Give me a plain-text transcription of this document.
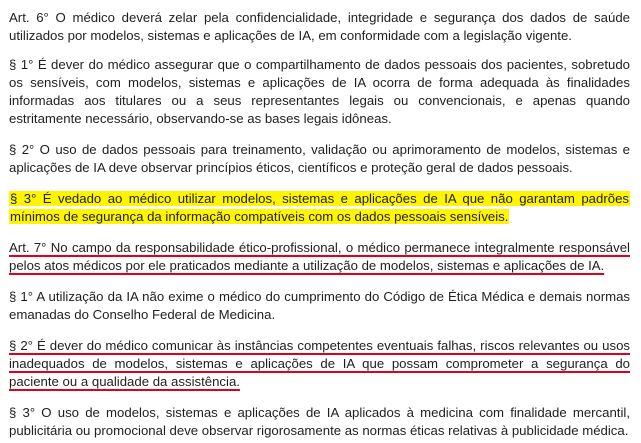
Art. 6° O médico deverá zelar pela confidencialidade, integridade e segurança dos dados de saúde utilizados por modelos, sistemas e aplicações de IA, em conformidade com a legislação vigente.

§ 1° É dever do médico assegurar que o compartilhamento de dados pessoais dos pacientes, sobretudo os sensíveis, com modelos, sistemas e aplicações de IA ocorra de forma adequada às finalidades informadas aos titulares ou a seus representantes legais ou convencionais, e apenas quando estritamente necessário, observando-se as bases legais idôneas.

§ 2° O uso de dados pessoais para treinamento, validação ou aprimoramento de modelos, sistemas e aplicações de IA deve observar princípios éticos, científicos e proteção geral de dados pessoais.

§ 3° É vedado ao médico utilizar modelos, sistemas e aplicações de IA que não garantam padrões mínimos de segurança da informação compatíveis com os dados pessoais sensíveis.

Art. 7° No campo da responsabilidade ético-profissional, o médico permanece integralmente responsável pelos atos médicos por ele praticados mediante a utilização de modelos, sistemas e aplicações de IA.

§ 1° A utilização da IA não exime o médico do cumprimento do Código de Ética Médica e demais normas emanadas do Conselho Federal de Medicina.

§ 2° É dever do médico comunicar às instâncias competentes eventuais falhas, riscos relevantes ou usos inadequados de modelos, sistemas e aplicações de IA que possam comprometer a segurança do paciente ou a qualidade da assistência.

§ 3° O uso de modelos, sistemas e aplicações de IA aplicados à medicina com finalidade mercantil, publicitária ou promocional deve observar rigorosamente as normas éticas relativas à publicidade médica.
